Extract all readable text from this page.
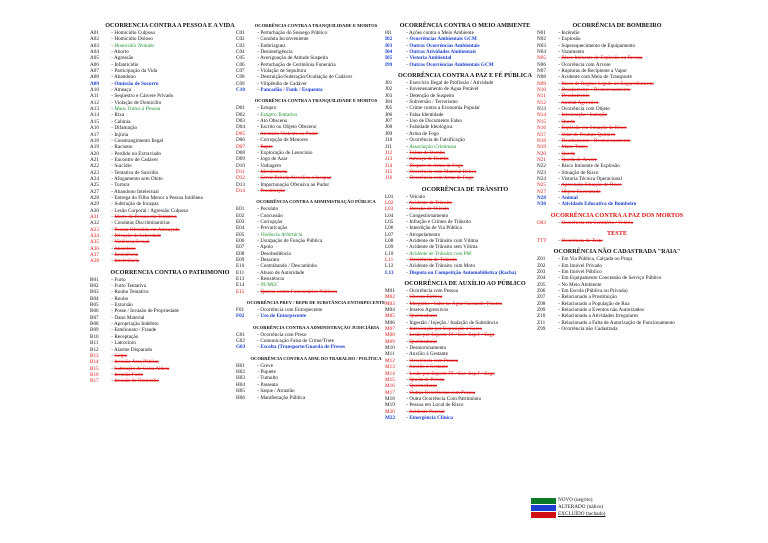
OCORRENCIA CONTRA A PESSOA E A VIDA
A01 - Homicídio Culposo
A02 - Homicídio Doloso
A03 - Homicídio Tentado
A04 - Aborto
A05 - Agressão
A06 - Infanticídio
A07 - Participação da Vida
A08 - Abandono
A09 - Omissão de Socorro
A10 - Ameaça
A11 - Seqüestro e Cárcere Privado
A12 - Violação de Domicílio
A13 - Maus Tratos à Pessoa
A14 - Rixa
A15 - Calúnia
A16 - Difamação
A17 - Injúria
A18 - Constrangimento Ilegal
A19 - Racismo
A20 - Perdido ou Extraviado
A21 - Encontro de Cadáver
A22 - Suicídio
A23 - Tentativa de Suicídio
A24 - Afogamento sem Óbito
A25 - Tortura
A27 - Abandono Intelectual
A28 - Entrega do Filho Menor a Pessoa Inidônea
A29 - Subtração de Incapaz
A30 - Lesão Corporal / Agressão Culposa
A31 - Morte de Pessoa em Tentativa
A32 - Condutas Discriminatórias
A33 - Pessoa Ofendida em Ameaçada
A34 - Privação de Liberdade
A35 - Violência Sexual
A36 - Abandono
A37 - Resistência
A38 - Intolerância
OCORRENCIA CONTRA O PATRIMONIO
B01 - Furto
B02 - Furto Tentativa
B03 - Roubo Tentativa
B04 - Roubo
B05 - Extorsão
B06 - Posse / Invasão de Propriedade
B07 - Dano Material
B08 - Apropriação Indébito
B09 - Estelionato / Fraude
B10 - Receptação
B11 - Latrocínio
B12 - Alarme Disparado
B13 - Golpe
B14 - Invasão Área Pública
B15 - Subtração de Coisa Alheia
B16 - Invasão/Furto
B17 - Invasão de Domicílio
OCORRÊNCIA CONTRA A TRANQUILIDADE E MORTOS
C01 - Perturbação do Sossego Público
C02 - Conduta Inconveniente
C03 - Embriaguez
C04 - Desinteligência
C05 - Averiguação de Atitude Suspeita
C06 - Perturbação de Cerimônia Funerária
C07 - Violação de Sepultura
C08 - Destruição/Subtração/Ocultação de Cadáver
C09 - Vilipêndio de Cadáver
C10 - Pancadão / Funk / Esquenta
OCORRÊNCIA CONTRA A TRANQUILIDADE E MORTOS
D01 - Estupro
D02 - Estupro Tentativa
D03 - Ato Obsceno
D04 - Escrito ou Objeto Obsceno
D05 - Atentado Violento ao Pudor
D06 - Corrupção de Menores
D07 - Rapto
D08 - Exploração de Lenocínio
D09 - Jogo de Azar
D10 - Vadiagem
D11 - Mendicância
D12 - Servir Bebida Alcoólica a Incapaz
D13 - Importunação Ofensiva ao Pudor
D14 - Prostituição
OCORRÊNCIA CONTRA A ADMINISTRAÇÃO PÚBLICA
E01 - Peculato
E02 - Concussão
E03 - Corrupção
E04 - Prevaricação
E05 - Violência Arbitrária
E06 - Usurpação de Função Pública
E07 - Apoio
E08 - Desobediência
E09 - Desacato
E10 - Contrabando / Descaminho
E11 - Abuso de Autoridade
E13 - Resistência
E14 - NUMEC
E15 - Queixa contra Funcionários Públicos
OCORRÊNCIA PREV / REPR DE SUBSTÂNCIA ENTORPECENTE
F01 - Ocorrência com Entorpecente
F02 - Uso de Entorpecente
OCORRÊNCIA CONTRA A ADMINISTRAÇÃO JUDICIÁRIA
G01 - Ocorrência com Preso
G02 - Comunicação Falsa de Crime/Trote
G03 - Escolta (Transporte/Guarda de Presos
OCORRÊNCIA CONTRA A ADM. DO TRABALHO / POLÍTICA
H01 - Greve
H02 - Piquete
H03 - Tumulto
H04 - Passeata
H05 - Saque / Arrastão
H06 - Manifestação Pública
OCORRÊNCIA CONTRA O MEIO AMBIENTE
I01	- Ações contra o Meio Ambiente
I02 - Ocorrências Ambientais GCM
I03 - Outras Ocorrências Ambientais
I04 - Outras Atividades Ambientais
I05 - Vistoria Ambiental
I99 - Outras Ocorrências Ambientais GCM
OCORRÊNCIA CONTRA A PAZ E FÉ PÚBLICA
J01 - Exercício Ilegal de Profissão / Atividade
J02 - Envenenamento de Água Potável
J03 - Detenção de Suspeito
J04 - Subversão / Terrorismo
J05 - Crime contra a Economia Popular
J06 - Falsa Identidade
J07 - Uso de Documento Falso
J08 - Falsidade Ideológica
J09 - Arma de Fogo
J10 - Ocorrência de Falsificação
J11 - Associação Criminosa
J12 - Falsas de Bomba
J13 - Ameaça de Bomba
J14 - Disparo de Arma de Fogo
J15 - Ocorrência com Material Bélico
J16 - Ocorrência com Arma de Fogo
OCORRÊNCIA DE TRÂNSITO
L01 - Veículo
L02 - Acidente de Trânsito
L03 - Direção de Veículo
L04 - Congestionamento
L05 - Infração e Crimes de Trânsito
L06 - Interdição de Via Pública
L07 - Atropelamento
L08 - Acidente de Trânsito com Vítima
L09 - Acidente de Trânsito sem Vítima
L10 - Acidente de Trânsito com PM
L11 - Ocorrência de Trânsito
L12 - Acidente de Trânsito com Moto
L13 - Disputa ou Competição Automobilística (Racha)
OCORRÊNCIA DE AUXÍLIO AO PÚBLICO
M01 - Ocorrência com Pessoa
M02 - Chuvas Elétrica
M03 - Mergulho / Salto na Água Causando Trauma
M04 - Insetos Agressivos
M05 - Queimaduras
M06 - Ingestão / Injeção / Inalação de Substância
M07 - Intoxicação por Exposição a Gases
M08 - Lesão por Esporte FF / Esc. Esp.F / Esgo
M09 - Queimaduras
M10 - Desmoronamento
M11 - Auxílio à Gestante
M12 - Ocorrência com Pessoa
M13 - Auxílio à Gestante
M14 - Lesão por Esporte FF / Esc. Esp.F / Esgo
M15 - Queda de Pessoa
M16 - Queimaduras
M17 - Outras Ocorrências com Pessoa
M18 - Outra Ocorrência Com Patrimônio
M19 - Pessoa em Local de Risco
M20 - Acidente Pessoal
M22 - Emergência Clínica
OCORRÊNCIA DE BOMBEIRO
N01 - Incêndio
N02 - Explosão
N03 - Superaquecimento de Equipamento
N04 - Vazamento
N05 - Risco Iminente de Explosão ou Recusa
N06 - Ocorrência com Árvore
N07 - Rupturas de Recipiente a Vapor
N08 - Acidente com Meio de Transporte
N09 - Risco de Regime Ligado ao Engarrafamento
N10 - Desabamento / Desmoronamento
N11 - Desabamento
N12 - Animal Agressivo
N13 - Ocorrência com Objeto
N14 - Intoxicação / Inalação
N15 - Queda
N16 - Explosão em Situação de Risco
N17 - Odor de Produto Químico
N18 - Desabamento / Desmoronamento
N19 - Maus-Tratos
N20 - Queda
N21 - Queda de Árvore
N22 - Risco Iminente de Explosão
N23 - Situação de Risco
N24 - Vistoria Técnica Operacional
N25 - Apreensão Situação de Risco
N27 - Objeto Encontrado
N28 - Animal
N30 - Atividade Educativa de Bombeiro
OCORRÊNCIA CONTRA A PAZ DOS MORTOS
O03 - Ocorrência em Cemitério / Velório
TESTE
TTT - Ocorrência de Teste
OCORRÊNCIA NÃO CADASTRADA "RAIA"
Z01 - Em Via Pública, Calçada ou Praça
Z02 - Em Imóvel Privado
Z03 - Em Imóvel Público
Z04 - Em Equipamento Concessão de Serviço Público
Z05 - No Meio Ambiente
Z06 - Em Escola (Pública ou Privada)
Z07 - Relacionado a Prostituição
Z08 - Relacionado a População de Rua
Z09 - Relacionado a Eventos não Autorizados
Z10 - Relacionado a Atividades Irregulares
Z11 - Relacionado a Falta de Autorização de Funcionamento
Z99 - Ocorrência não Cadastrada
NOVO (negrito)
ALTERADO (itálico)
EXCLUÍDO (tachado)
